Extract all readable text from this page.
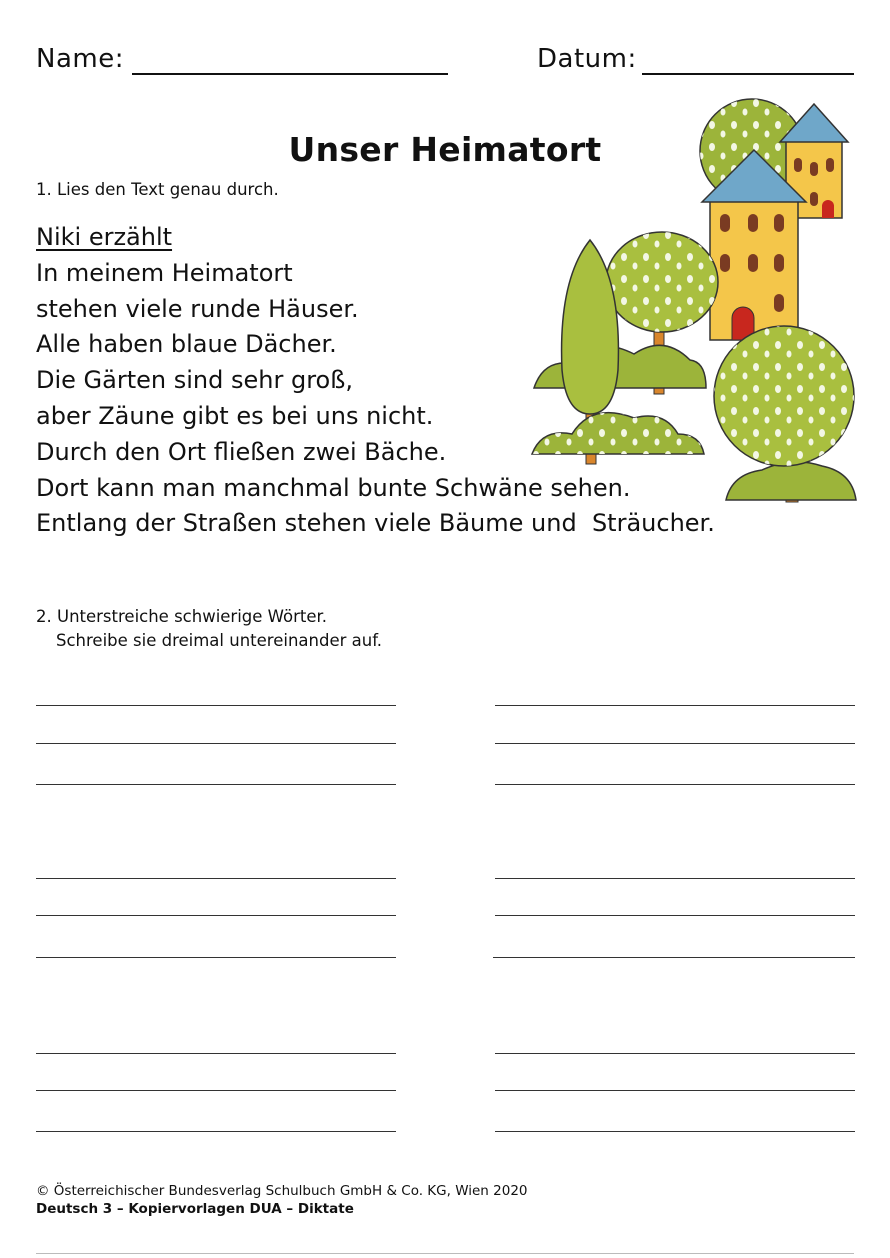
Name:	Datum:
Unser Heimatort
1. Lies den Text genau durch.
Niki erzählt
In meinem Heimatort
stehen viele runde Häuser.
Alle haben blaue Dächer.
Die Gärten sind sehr groß,
aber Zäune gibt es bei uns nicht.
Durch den Ort fließen zwei Bäche.
Dort kann man manchmal bunte Schwäne sehen.
Entlang der Straßen stehen viele Bäume und  Sträucher.
2. Unterstreiche schwierige Wörter.
Schreibe sie dreimal untereinander auf.
© Österreichischer Bundesverlag Schulbuch GmbH & Co. KG, Wien 2020
Deutsch 3 – Kopiervorlagen DUA – Diktate
